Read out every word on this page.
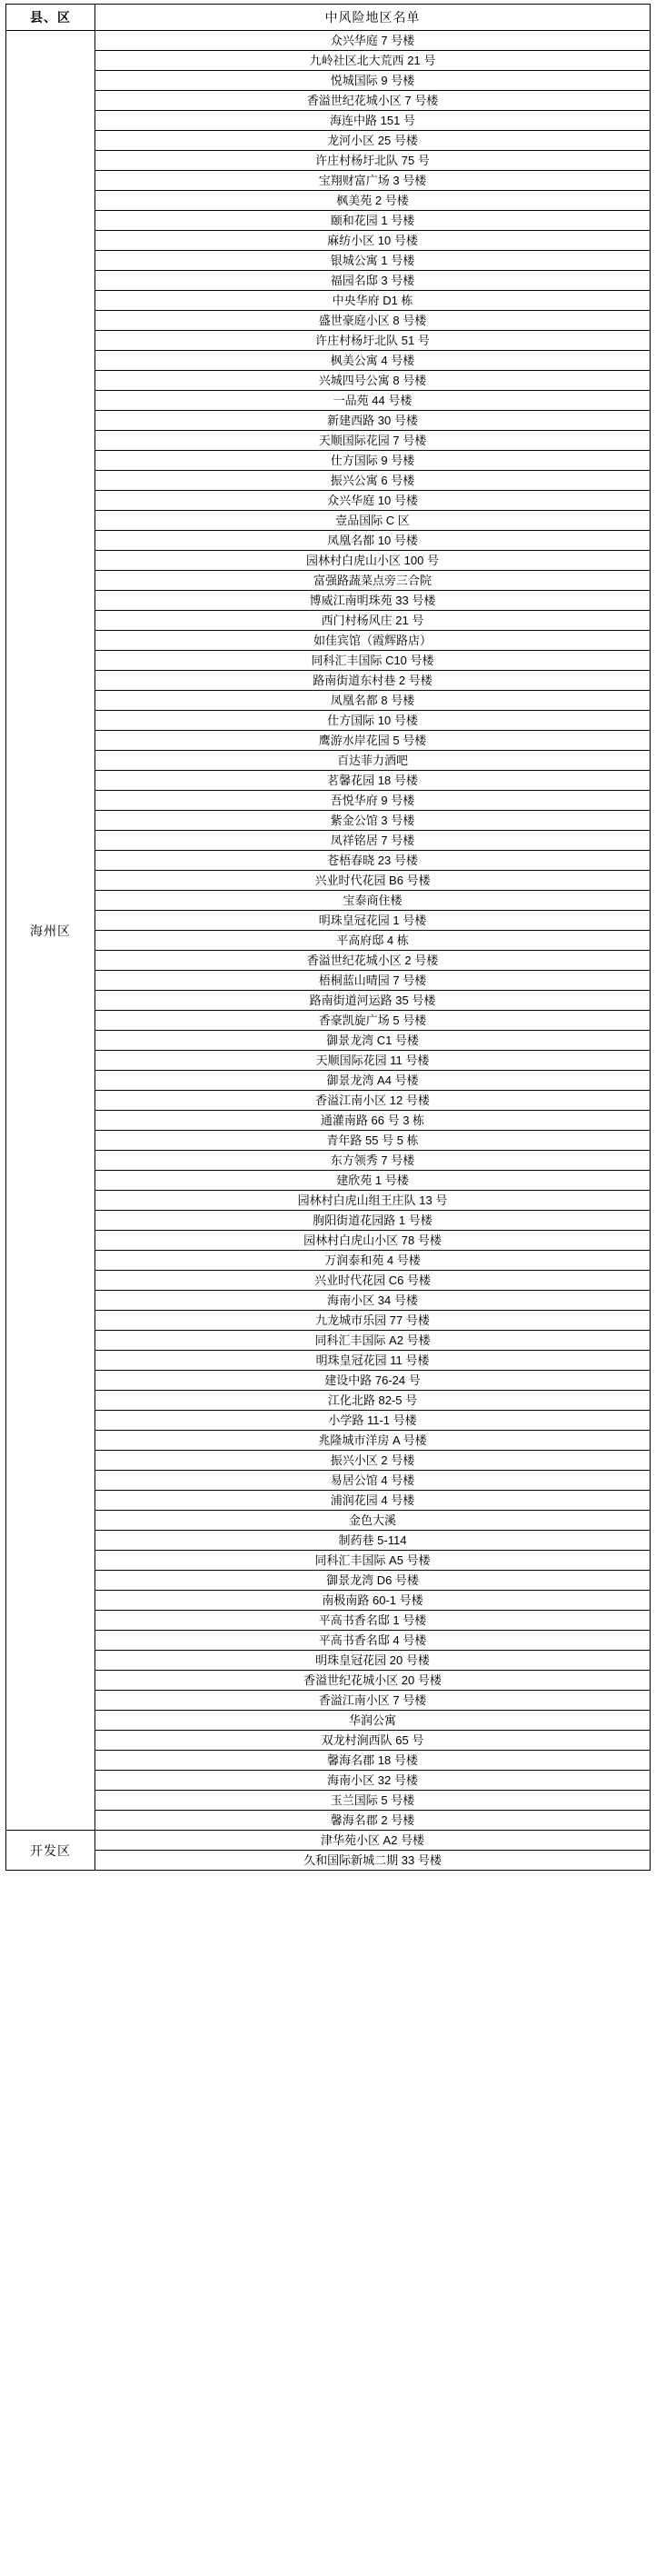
县、区	中风险地区名单
海州区	众兴华庭 7 号楼
	九岭社区北大荒西 21 号
	悦城国际 9 号楼
	香溢世纪花城小区 7 号楼
	海连中路 151 号
	龙河小区 25 号楼
	许庄村杨圩北队 75 号
	宝翔财富广场 3 号楼
	枫美苑 2 号楼
	颐和花园 1 号楼
	麻纺小区 10 号楼
	银城公寓 1 号楼
	福园名邸 3 号楼
	中央华府 D1 栋
	盛世豪庭小区 8 号楼
	许庄村杨圩北队 51 号
	枫美公寓 4 号楼
	兴城四号公寓 8 号楼
	一品苑 44 号楼
	新建西路 30 号楼
	天顺国际花园 7 号楼
	仕方国际 9 号楼
	振兴公寓 6 号楼
	众兴华庭 10 号楼
	壹品国际 C 区
	凤凰名都 10 号楼
	园林村白虎山小区 100 号
	富强路蔬菜点旁三合院
	博威江南明珠苑 33 号楼
	西门村杨风庄 21 号
	如佳宾馆（霞辉路店）
	同科汇丰国际 C10 号楼
	路南街道东村巷 2 号楼
	凤凰名都 8 号楼
	仕方国际 10 号楼
	鹰游水岸花园 5 号楼
	百达菲力酒吧
	茗馨花园 18 号楼
	吾悦华府 9 号楼
	紫金公馆 3 号楼
	凤祥铭居 7 号楼
	苍梧春晓 23 号楼
	兴业时代花园 B6 号楼
	宝泰商住楼
	明珠皇冠花园 1 号楼
	平高府邸 4 栋
	香溢世纪花城小区 2 号楼
	梧桐蓝山晴园 7 号楼
	路南街道河运路 35 号楼
	香豪凯旋广场 5 号楼
	御景龙湾 C1 号楼
	天顺国际花园 11 号楼
	御景龙湾 A4 号楼
	香溢江南小区 12 号楼
	通灌南路 66 号 3 栋
	青年路 55 号 5 栋
	东方领秀 7 号楼
	建欣苑 1 号楼
	园林村白虎山组王庄队 13 号
	朐阳街道花园路 1 号楼
	园林村白虎山小区 78 号楼
	万润泰和苑 4 号楼
	兴业时代花园 C6 号楼
	海南小区 34 号楼
	九龙城市乐园 77 号楼
	同科汇丰国际 A2 号楼
	明珠皇冠花园 11 号楼
	建设中路 76-24 号
	江化北路 82-5 号
	小学路 11-1 号楼
	兆隆城市洋房 A 号楼
	振兴小区 2 号楼
	易居公馆 4 号楼
	浦润花园 4 号楼
	金色大溪
	制药巷 5-114
	同科汇丰国际 A5 号楼
	御景龙湾 D6 号楼
	南极南路 60-1 号楼
	平高书香名邸 1 号楼
	平高书香名邸 4 号楼
	明珠皇冠花园 20 号楼
	香溢世纪花城小区 20 号楼
	香溢江南小区 7 号楼
	华润公寓
	双龙村涧西队 65 号
	馨海名郡 18 号楼
	海南小区 32 号楼
	玉兰国际 5 号楼
	馨海名郡 2 号楼
开发区	津华苑小区 A2 号楼
	久和国际新城二期 33 号楼
